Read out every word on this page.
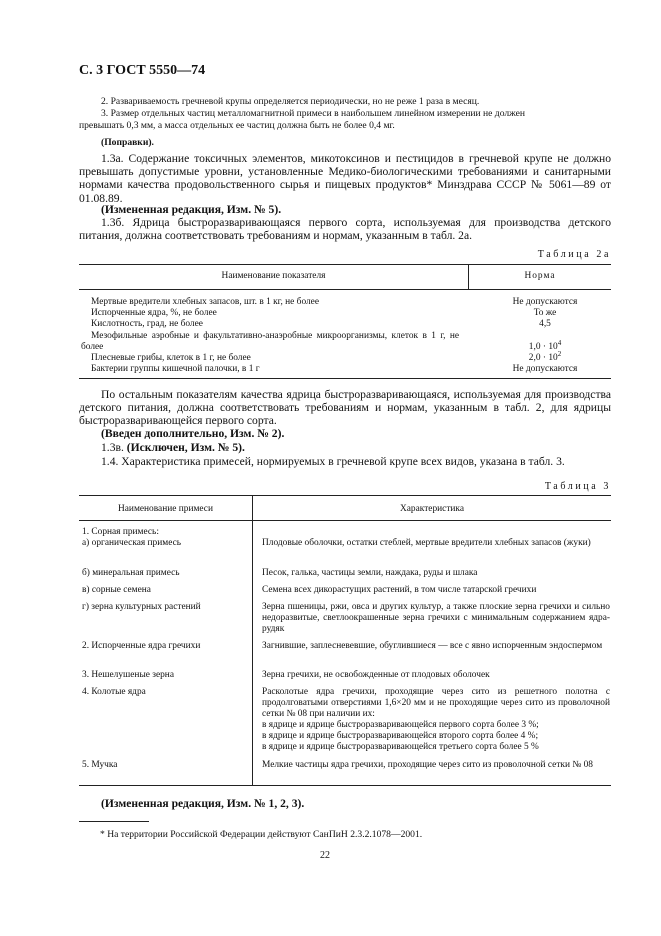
С. 3 ГОСТ 5550—74
2. Развариваемость гречневой крупы определяется периодически, но не реже 1 раза в месяц.
3. Размер отдельных частиц металломагнитной примеси в наибольшем линейном измерении не должен
превышать 0,3 мм, а масса отдельных ее частиц должна быть не более 0,4 мг.
(Поправки).
1.3а. Содержание токсичных элементов, микотоксинов и пестицидов в гречневой крупе не должно превышать допустимые уровни, установленные Медико-биологическими требованиями и санитарными нормами качества продовольственного сырья и пищевых продуктов* Минздрава СССР № 5061—89 от 01.08.89.
(Измененная редакция, Изм. № 5).
1.3б. Ядрица быстроразваривающаяся первого сорта, используемая для производства детского питания, должна соответствовать требованиям и нормам, указанным в табл. 2а.
Таблица 2а
Наименование показателя	Норма
Мертвые вредители хлебных запасов, шт. в 1 кг, не более	Не допускаются
Испорченные ядра, %, не более	То же
Кислотность, град, не более	4,5
Мезофильные аэробные и факультативно-анаэробные микроорганизмы, клеток в 1 г, не более	$1,0 \cdot 10^4$
Плесневые грибы, клеток в 1 г, не более	$2,0 \cdot 10^2$
Бактерии группы кишечной палочки, в 1 г	Не допускаются
По остальным показателям качества ядрица быстроразваривающаяся, используемая для производства детского питания, должна соответствовать требованиям и нормам, указанным в табл. 2, для ядрицы быстроразваривающейся первого сорта.
(Введен дополнительно, Изм. № 2).
1.3в. (Исключен, Изм. № 5).
1.4. Характеристика примесей, нормируемых в гречневой крупе всех видов, указана в табл. 3.
Таблица 3
Наименование примеси	Характеристика
1. Сорная примесь:
а) органическая примесь	Плодовые оболочки, остатки стеблей, мертвые вредители хлебных запасов (жуки)
б) минеральная примесь	Песок, галька, частицы земли, наждака, руды и шлака
в) сорные семена	Семена всех дикорастущих растений, в том числе татарской гречихи
г) зерна культурных растений	Зерна пшеницы, ржи, овса и других культур, а также плоские зерна гречихи и сильно недоразвитые, светлоокрашенные зерна гречихи с минимальным содержанием ядра-рудяк
2. Испорченные ядра гречихи	Загнившие, заплесневевшие, обуглившиеся — все с явно испорченным эндоспермом
3. Нешелушеные зерна	Зерна гречихи, не освобожденные от плодовых оболочек
4. Колотые ядра	Расколотые ядра гречихи, проходящие через сито из решетного полотна с продолговатыми отверстиями 1,6×20 мм и не проходящие через сито из проволочной сетки № 08 при наличии их:
в ядрице и ядрице быстроразваривающейся первого сорта более 3 %;
в ядрице и ядрице быстроразваривающейся второго сорта более 4 %;
в ядрице и ядрице быстроразваривающейся третьего сорта более 5 %
5. Мучка	Мелкие частицы ядра гречихи, проходящие через сито из проволочной сетки № 08
(Измененная редакция, Изм. № 1, 2, 3).
* На территории Российской Федерации действуют СанПиН 2.3.2.1078—2001.
22
